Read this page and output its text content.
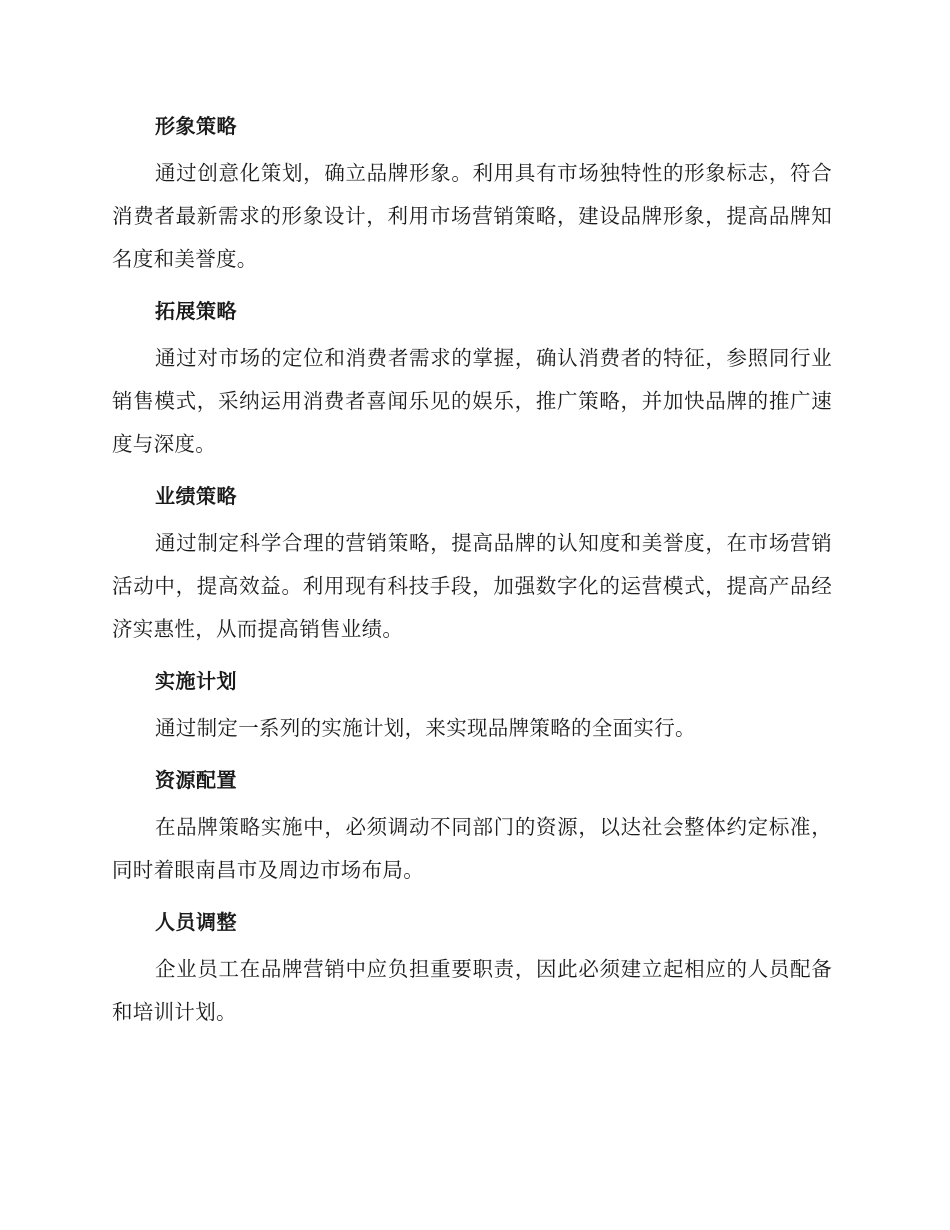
形象策略

通过创意化策划，确立品牌形象。利用具有市场独特性的形象标志，符合消费者最新需求的形象设计，利用市场营销策略，建设品牌形象，提高品牌知名度和美誉度。

拓展策略

通过对市场的定位和消费者需求的掌握，确认消费者的特征，参照同行业销售模式，采纳运用消费者喜闻乐见的娱乐，推广策略，并加快品牌的推广速度与深度。

业绩策略

通过制定科学合理的营销策略，提高品牌的认知度和美誉度，在市场营销活动中，提高效益。利用现有科技手段，加强数字化的运营模式，提高产品经济实惠性，从而提高销售业绩。

实施计划

通过制定一系列的实施计划，来实现品牌策略的全面实行。

资源配置

在品牌策略实施中，必须调动不同部门的资源，以达社会整体约定标准，同时着眼南昌市及周边市场布局。

人员调整

企业员工在品牌营销中应负担重要职责，因此必须建立起相应的人员配备和培训计划。
